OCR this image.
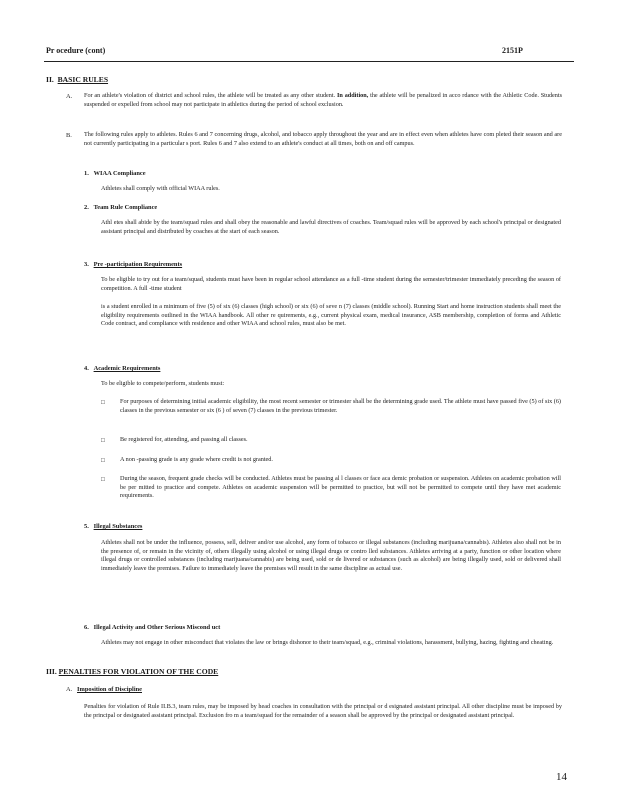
Pr ocedure (cont)	2151P
II. BASIC RULES
A. For an athlete's violation of district and school rules, the athlete will be treated as any other student. In addition, the athlete will be penalized in acco rdance with the Athletic Code. Students suspended or expelled from school may not participate in athletics during the period of school exclusion.
B. The following rules apply to athletes. Rules 6 and 7 concerning drugs, alcohol, and tobacco apply throughout the year and are in effect even when athletes have com pleted their season and are not currently participating in a particular s port. Rules 6 and 7 also extend to an athlete's conduct at all times, both on and off campus.
1. WIAA Compliance
Athletes shall comply with official WIAA rules.
2. Team Rule Compliance
Athl etes shall abide by the team/squad rules and shall obey the reasonable and lawful directives of coaches. Team/squad rules will be approved by each school's principal or designated assistant principal and distributed by coaches at the start of each season.
3. Pre -participation Requirements
To be eligible to try out for a team/squad, students must have been in regular school attendance as a full -time student during the semester/trimester immediately preceding the season of competition. A full -time student
is a student enrolled in a minimum of five (5) of six (6) classes (high school) or six (6) of seve n (7) classes (middle school). Running Start and home instruction students shall meet the eligibility requirements outlined in the WIAA handbook. All other re quirements, e.g., current physical exam, medical insurance, ASB membership, completion of forms and Athletic Code contract, and compliance with residence and other WIAA and school rules, must also be met.
4. Academic Requirements
To be eligible to compete/perform, students must:
□ For purposes of determining initial academic eligibility, the most recent semester or trimester shall be the determining grade used. The athlete must have passed five (5) of six (6) classes in the previous semester or six (6 ) of seven (7) classes in the previous trimester.
□ Be registered for, attending, and passing all classes.
□ A non -passing grade is any grade where credit is not granted.
□ During the season, frequent grade checks will be conducted. Athletes must be passing al l classes or face aca demic probation or suspension. Athletes on academic probation will be per mitted to practice and compete. Athletes on academic suspension will be permitted to practice, but will not be permitted to compete until they have met academic requirements.
5. Illegal Substances
Athletes shall not be under the influence, possess, sell, deliver and/or use alcohol, any form of tobacco or illegal substances (including marijuana/cannabis). Athletes also shall not be in the presence of, or remain in the vicinity of, others illegally using alcohol or using illegal drugs or contro lled substances. Athletes arriving at a party, function or other location where illegal drugs or controlled substances (including marijuana/cannabis) are being used, sold or de livered or substances (such as alcohol) are being illegally used, sold or delivered shall immediately leave the premises. Failure to immediately leave the premises will result in the same discipline as actual use.
6. Illegal Activity and Other Serious Miscond uct
Athletes may not engage in other misconduct that violates the law or brings dishonor to their team/squad, e.g., criminal violations, harassment, bullying, hazing, fighting and cheating.
III. PENALTIES FOR VIOLATION OF THE CODE
A. Imposition of Discipline
Penalties for violation of Rule II.B.3, team rules, may be imposed by head coaches in consultation with the principal or d esignated assistant principal. All other discipline must be imposed by the principal or designated assistant principal. Exclusion fro m a team/squad for the remainder of a season shall be approved by the principal or designated assistant principal.
14
